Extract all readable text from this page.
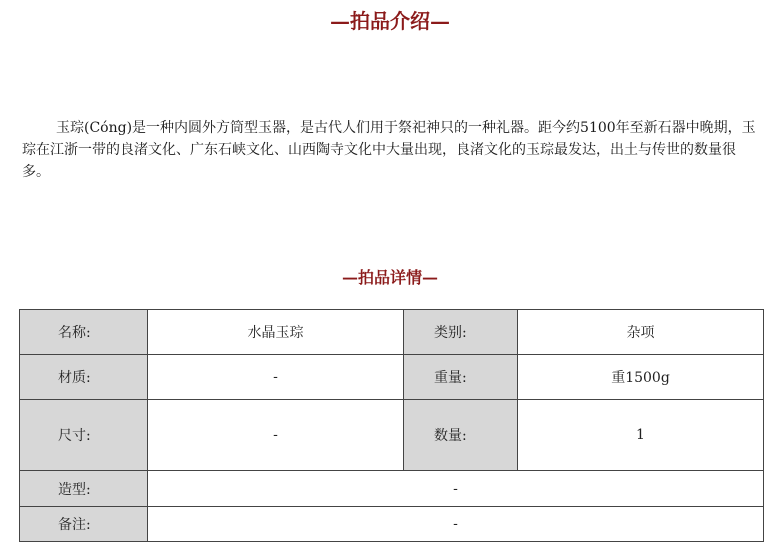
—拍品介绍—

玉琮(Cóng)是一种内圆外方筒型玉器，是古代人们用于祭祀神只的一种礼器。距今约5100年至新石器中晚期，玉琮在江浙一带的良渚文化、广东石峡文化、山西陶寺文化中大量出现，良渚文化的玉琮最发达，出土与传世的数量很多。

—拍品详情—
名称:	水晶玉琮	类别:	杂项
材质:	-	重量:	重1500g
尺寸:	-	数量:	1
造型:	-		
备注:	-		
